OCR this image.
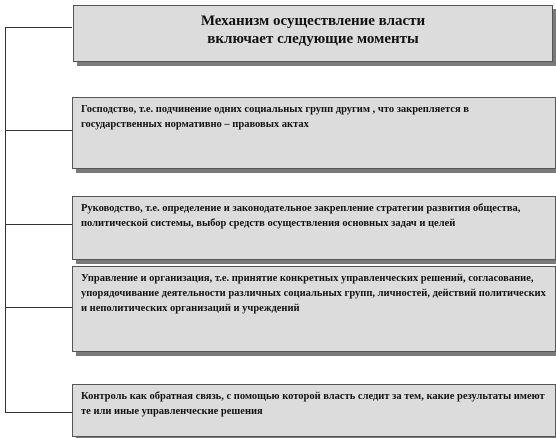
Механизм осуществление власти
включает следующие моменты
Господство, т.е. подчинение одних социальных групп другим , что закрепляется в государственных нормативно – правовых актах
Руководство, т.е. определение и законодательное закрепление стратегии развития общества, политической системы, выбор средств осуществления основных задач и целей
Управление и организация, т.е. принятие конкретных управленческих решений, согласование, упорядочивание деятельности различных социальных групп, личностей, действий политических и неполитических организаций и учреждений
Контроль как обратная связь, с помощью которой власть следит за тем, какие результаты имеют те или иные управленческие решения
